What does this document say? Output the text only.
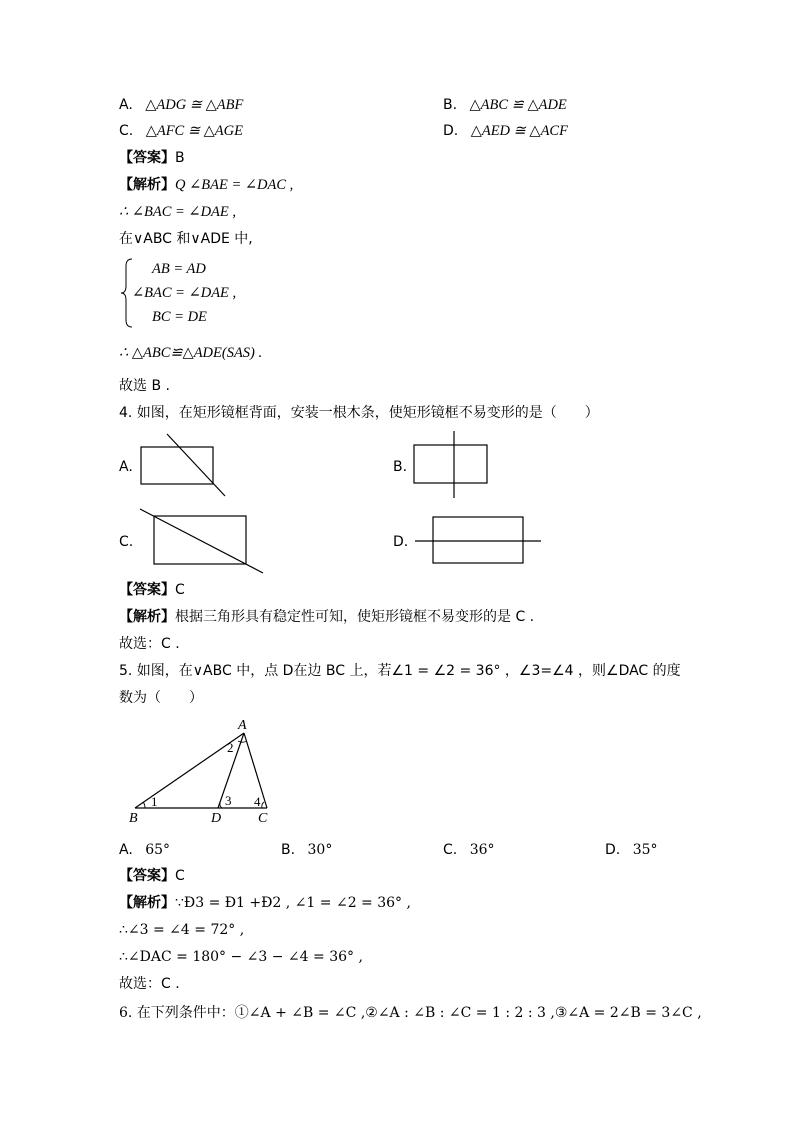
A. △ADG ≅ △ABF	B. △ABC ≌ △ADE
C. △AFC ≅ △AGE	D. △AED ≅ △ACF
【答案】B
【解析】Q ∠BAE = ∠DAC ,
∴ ∠BAC = ∠DAE ,
在∨ABC 和∨ADE 中,
AB = AD
∠BAC = ∠DAE ,
BC = DE
∴ △ABC≌△ADE(SAS) .
故选 B .
4. 如图，在矩形镜框背面，安装一根木条，使矩形镜框不易变形的是（　　）
A.	B.
C.	D.
【答案】C
【解析】根据三角形具有稳定性可知，使矩形镜框不易变形的是 C .
故选：C .
5. 如图，在∨ABC 中，点 D在边 BC 上，若∠1 = ∠2 = 36° ，∠3=∠4 ，则∠DAC 的度
数为（　　）
A
B	D	C
1
2
3 4
A. 65°	B. 30°	C. 36°	D. 35°
【答案】C
【解析】∵Ð3 = Ð1 +Ð2 , ∠1 = ∠2 = 36° ,
∴∠3 = ∠4 = 72° ,
∴∠DAC = 180° − ∠3 − ∠4 = 36° ,
故选：C .
6. 在下列条件中：①∠A + ∠B = ∠C ,②∠A : ∠B : ∠C = 1 : 2 : 3 ,③∠A = 2∠B = 3∠C ,
